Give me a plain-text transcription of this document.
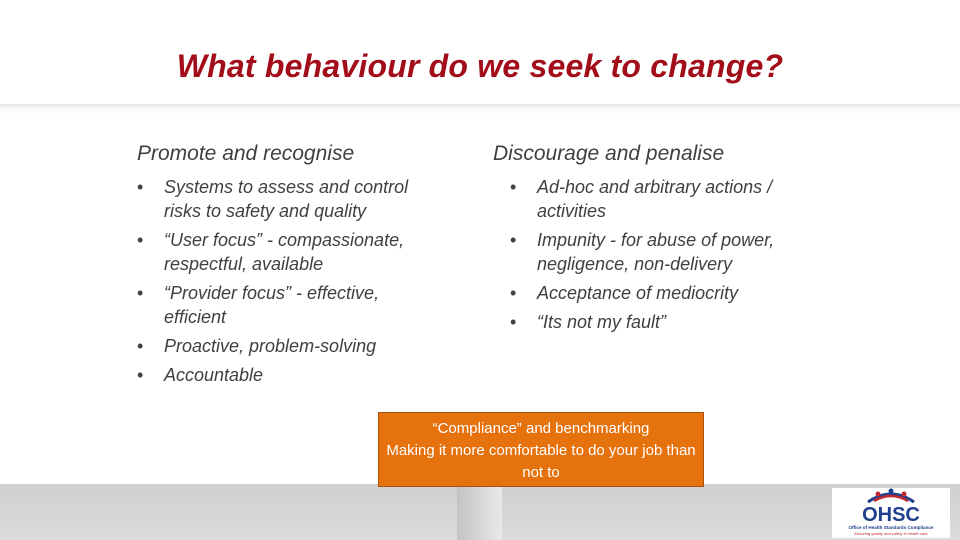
What behaviour do we seek to change?
Promote and recognise
• Systems to assess and control risks to safety and quality
• “User focus” - compassionate, respectful, available
• “Provider focus” - effective, efficient
• Proactive, problem-solving
• Accountable
Discourage and penalise
• Ad-hoc and arbitrary actions / activities
• Impunity - for abuse of power, negligence, non-delivery
• Acceptance of mediocrity
• “Its not my fault”
“Compliance” and benchmarking
Making it more comfortable to do your job than not to
OHSC
Office of Health Standards Compliance
Ensuring quality and safety in health care
